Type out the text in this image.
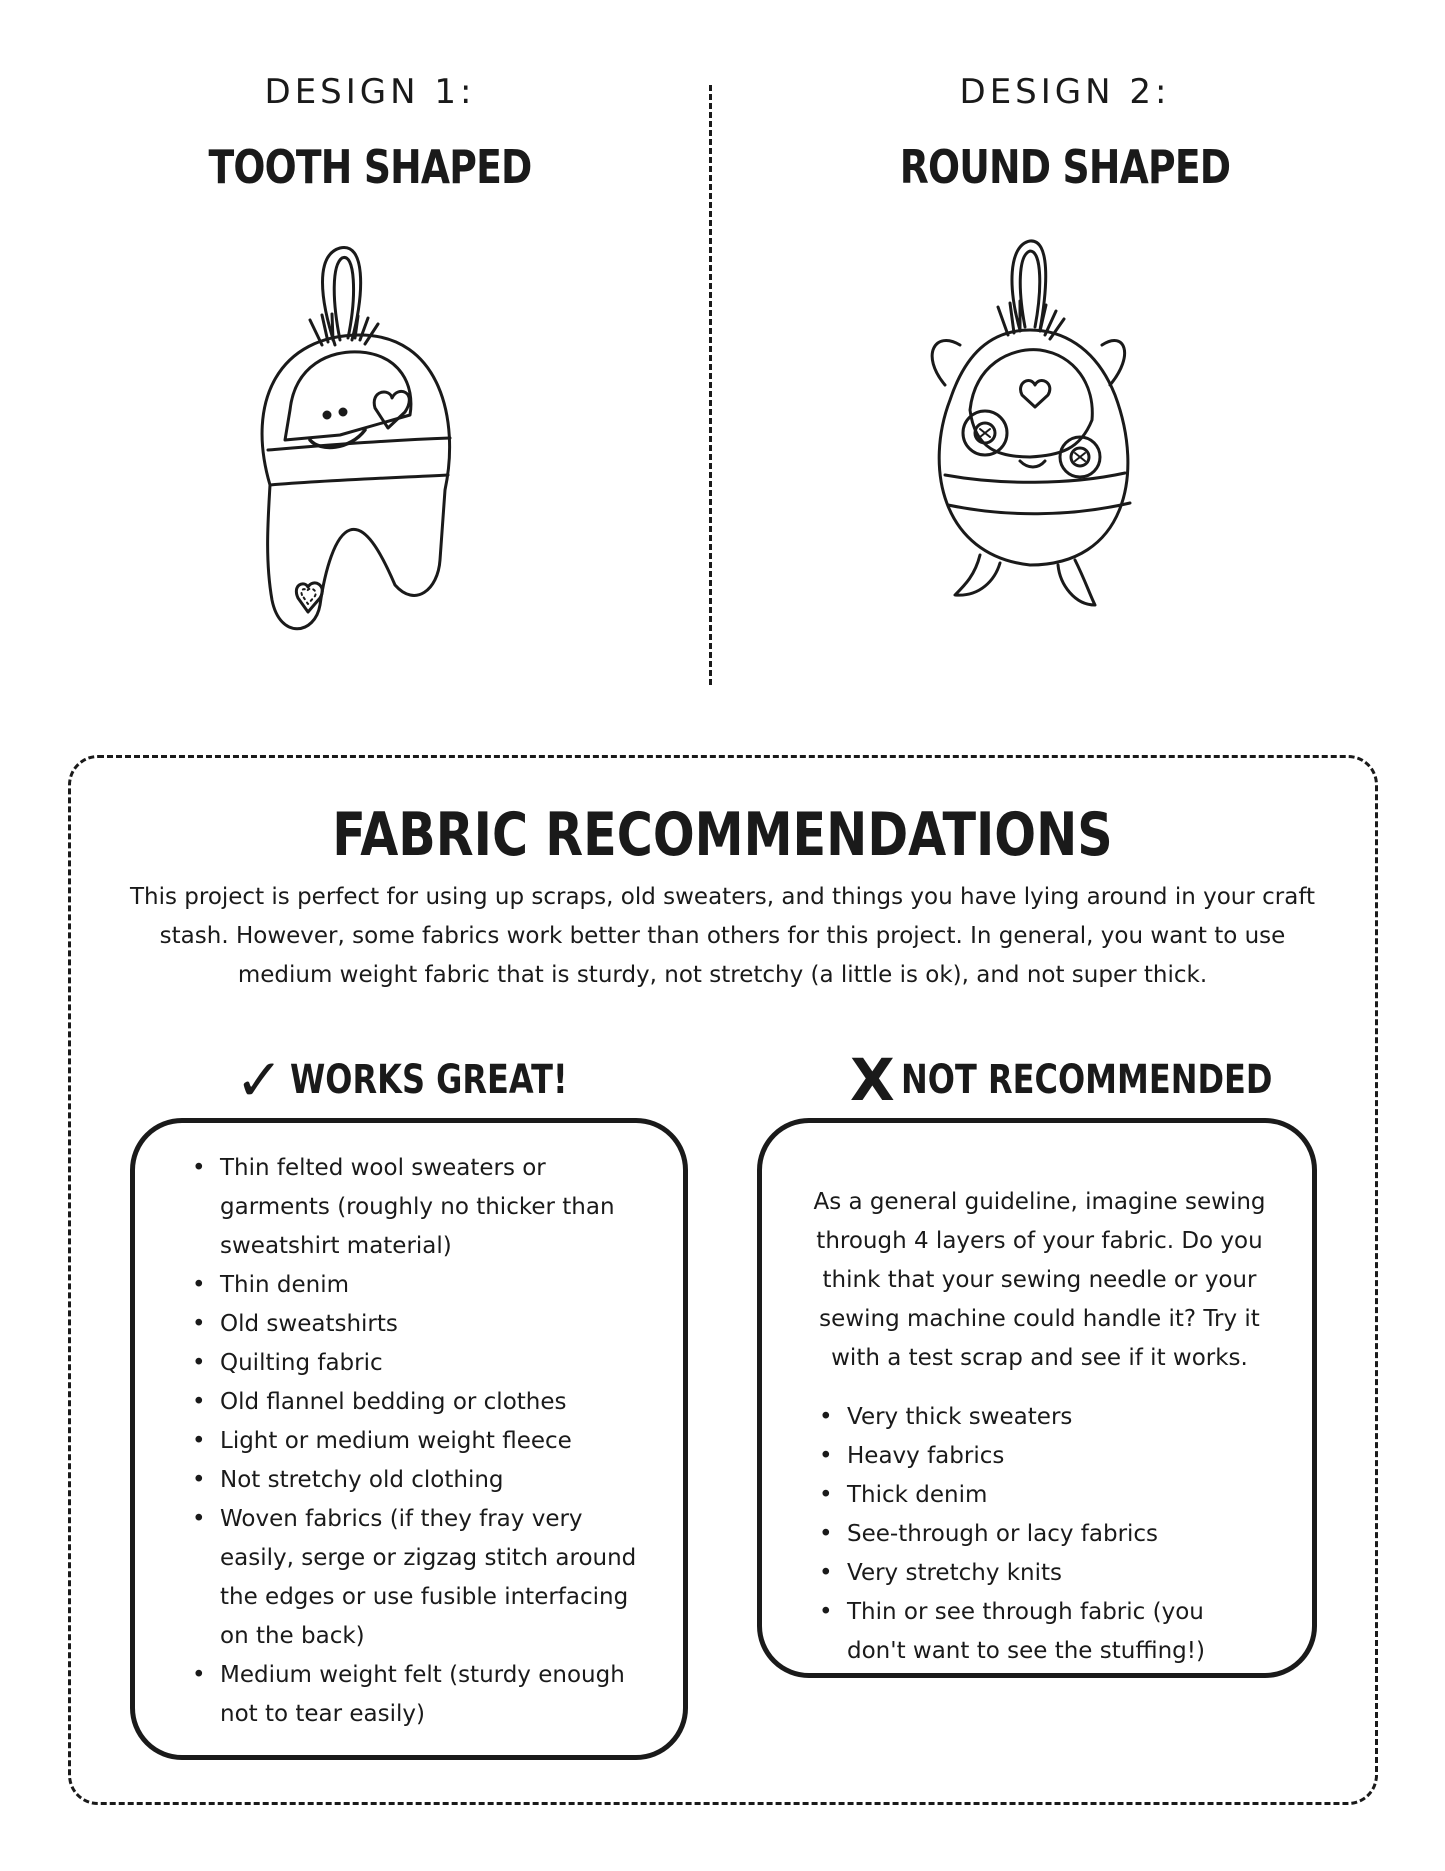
DESIGN 1:
TOOTH SHAPED
DESIGN 2:
ROUND SHAPED
FABRIC RECOMMENDATIONS
This project is perfect for using up scraps, old sweaters, and things you have lying around in your craft stash. However, some fabrics work better than others for this project. In general, you want to use medium weight fabric that is sturdy, not stretchy (a little is ok), and not super thick.
✓ WORKS GREAT!	X NOT RECOMMENDED
• Thin felted wool sweaters or garments (roughly no thicker than sweatshirt material)
• Thin denim
• Old sweatshirts
• Quilting fabric
• Old flannel bedding or clothes
• Light or medium weight fleece
• Not stretchy old clothing
• Woven fabrics (if they fray very easily, serge or zigzag stitch around the edges or use fusible interfacing on the back)
• Medium weight felt (sturdy enough not to tear easily)
As a general guideline, imagine sewing through 4 layers of your fabric. Do you think that your sewing needle or your sewing machine could handle it? Try it with a test scrap and see if it works.
• Very thick sweaters
• Heavy fabrics
• Thick denim
• See-through or lacy fabrics
• Very stretchy knits
• Thin or see through fabric (you don't want to see the stuffing!)
